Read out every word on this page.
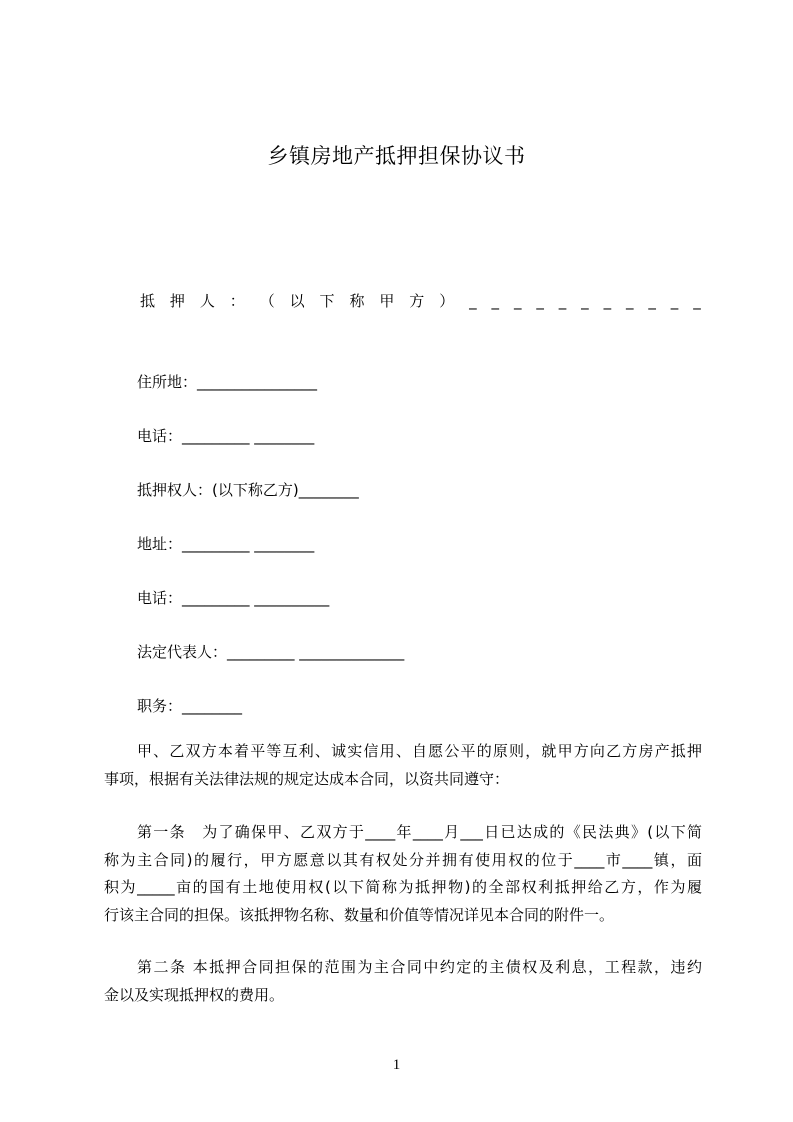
乡镇房地产抵押担保协议书
抵 押 人 ： （ 以 下 称 甲 方 ） _ _ _ _ _ _ _ _ _ _ _
住所地：________________
电话：_________ ________
抵押权人：(以下称乙方)________
地址：_________ ________
电话：_________ __________
法定代表人：_________ ______________
职务：________
甲、乙双方本着平等互利、诚实信用、自愿公平的原则，就甲方向乙方房产抵押
事项，根据有关法律法规的规定达成本合同，以资共同遵守：
第一条　为了确保甲、乙双方于____年____月___日已达成的《民法典》(以下简
称为主合同)的履行，甲方愿意以其有权处分并拥有使用权的位于____市____镇，面
积为_____亩的国有土地使用权(以下简称为抵押物)的全部权利抵押给乙方，作为履
行该主合同的担保。该抵押物名称、数量和价值等情况详见本合同的附件一。
第二条 本抵押合同担保的范围为主合同中约定的主债权及利息，工程款，违约
金以及实现抵押权的费用。
1
